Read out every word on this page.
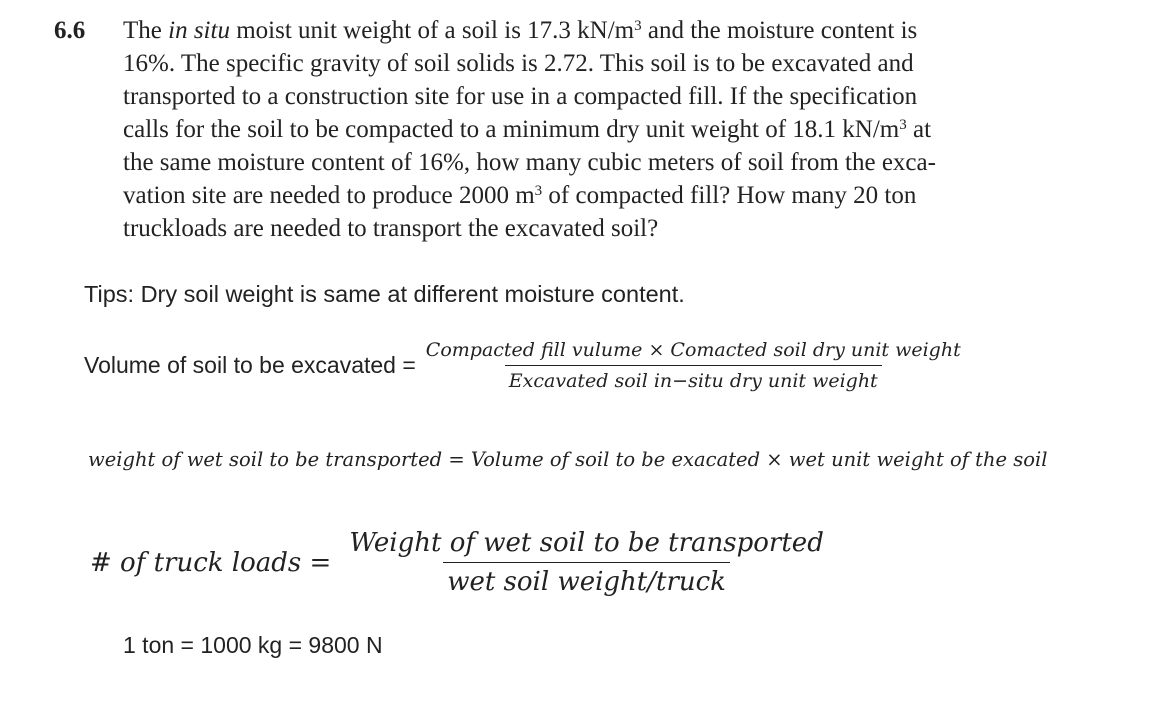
6.6 The in situ moist unit weight of a soil is 17.3 $kN/m^3$ and the moisture content is
16%. The specific gravity of soil solids is 2.72. This soil is to be excavated and
transported to a construction site for use in a compacted fill. If the specification
calls for the soil to be compacted to a minimum dry unit weight of 18.1 $kN/m^3$ at
the same moisture content of 16%, how many cubic meters of soil from the exca-
vation site are needed to produce 2000 $m^3$ of compacted fill? How many 20 ton
truckloads are needed to transport the excavated soil?
Tips: Dry soil weight is same at different moisture content.
Volume of soil to be excavated = $\frac{\text{Compacted fill vulume × Comacted soil dry unit weight}}{\text{Excavated soil in−situ dry unit weight}}$
weight of wet soil to be transported = Volume of soil to be exacated × wet unit weight of the soil
# of truck loads = $\frac{\text{Weight of wet soil to be transported}}{\text{wet soil weight/truck}}$
1 ton = 1000 kg = 9800 N
